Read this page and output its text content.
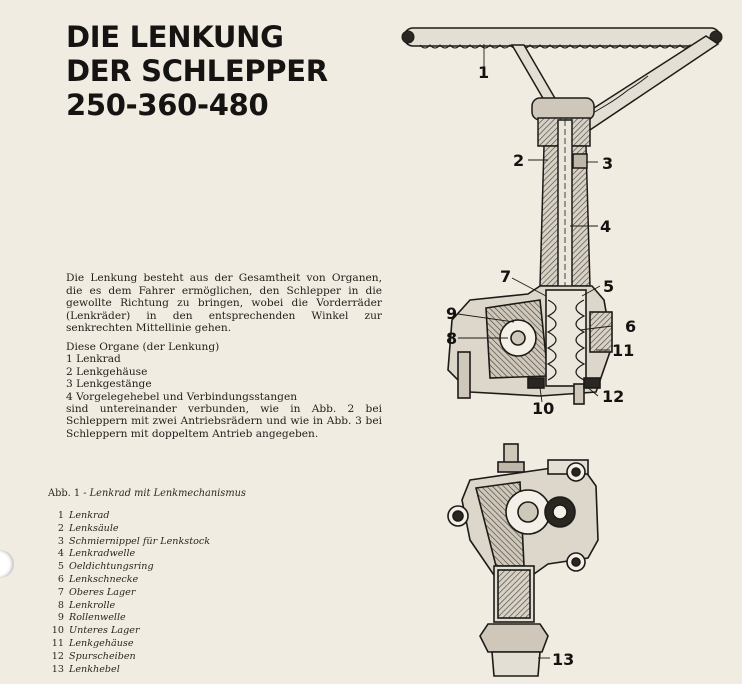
DIE LENKUNG
DER SCHLEPPER
250-360-480

Die Lenkung besteht aus der Gesamtheit von Organen, die es dem Fahrer ermöglichen, den Schlepper in die gewollte Richtung zu bringen, wobei die Vorderräder (Lenkräder) in den entsprechenden Winkel zur senkrechten Mittellinie gehen.

Diese Organe (der Lenkung)
1 Lenkrad
2 Lenkgehäuse
3 Lenkgestänge
4 Vorgelegehebel und Verbindungsstangen
sind untereinander verbunden, wie in Abb. 2 bei Schleppern mit zwei Antriebsrädern und wie in Abb. 3 bei Schleppern mit doppeltem Antrieb angegeben.
Abb. 1 - Lenkrad mit Lenkmechanismus
1 Lenkrad
2 Lenksäule
3 Schmiernippel für Lenkstock
4 Lenkradwelle
5 Oeldichtungsring
6 Lenkschnecke
7 Oberes Lager
8 Lenkrolle
9 Rollenwelle
10 Unteres Lager
11 Lenkgehäuse
12 Spurscheiben
13 Lenkhebel
1
2	3
4
7
5
9
6
8
11
12
10
13
